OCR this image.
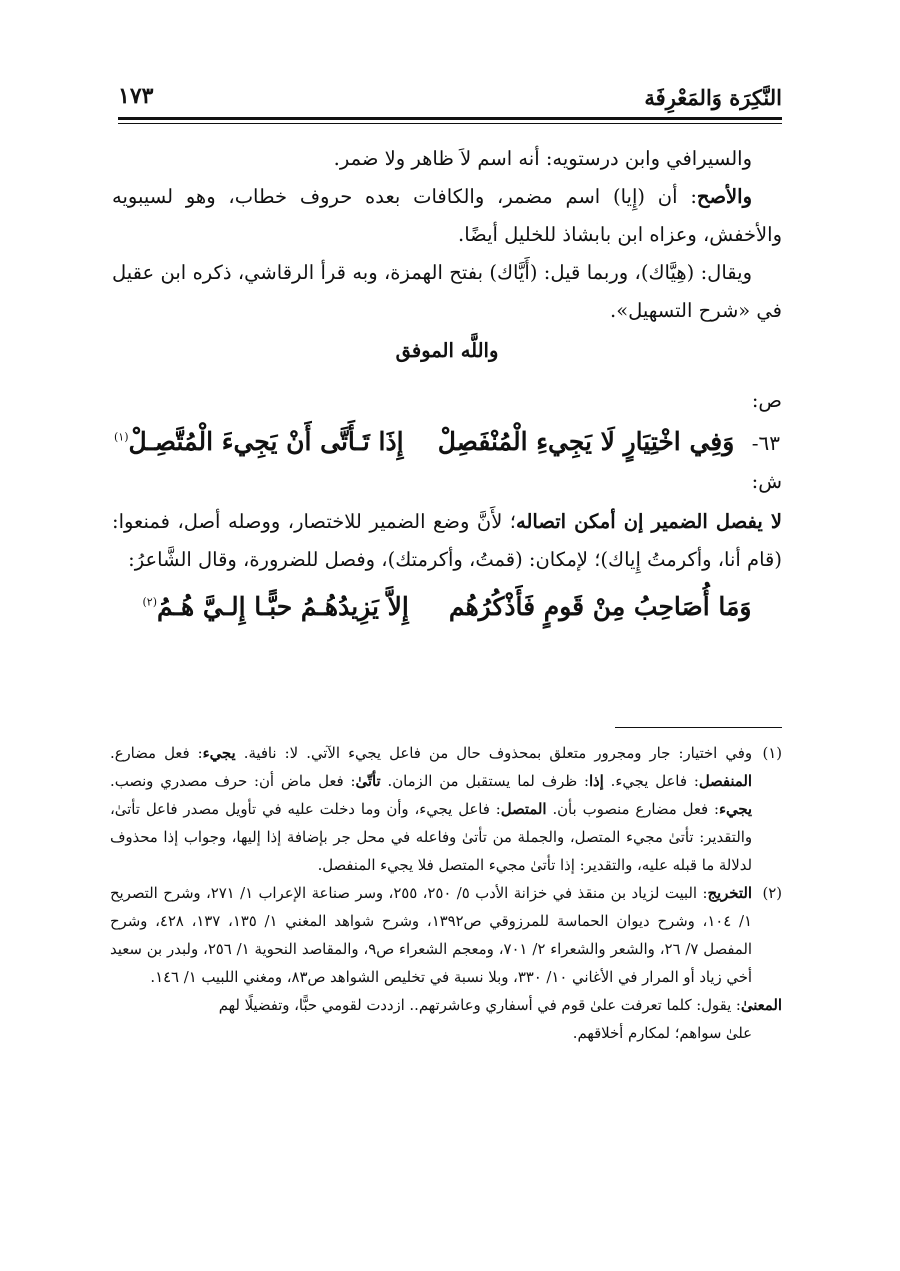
النَّكِرَة وَالمَعْرِفَة
١٧٣

والسيرافي وابن درستويه: أنه اسم لاَ ظاهر ولا ضمر.

والأصح: أن (إِيا) اسم مضمر، والكافات بعده حروف خطاب، وهو لسيبويه والأخفش، وعزاه ابن بابشاذ للخليل أيضًا.

ويقال: (هِيَّاك)، وربما قيل: (أَيَّاك) بفتح الهمزة، وبه قرأ الرقاشي، ذكره ابن عقيل في «شرح التسهيل».

واللَّه الموفق

ص:

٦٣-  وَفِي اخْتِيَارٍ لَا يَجِيءِ الْمُنْفَصِلْ
إِذَا تَـأَتَّى أَنْ يَجِيءَ الْمُتَّصِـلْ$^{(١)}$

ش:

لا يفصل الضمير إن أمكن اتصاله؛ لأَنَّ وضع الضمير للاختصار، ووصله أصل، فمنعوا: (قام أنا، وأكرمتُ إِياك)؛ لإمكان: (قمتُ، وأكرمتك)، وفصل للضرورة، وقال الشَّاعرُ:

وَمَا أُصَاحِبُ مِنْ قَومٍ فَأَذْكُرُهُم
إِلاَّ يَزِيدُهُـمُ حبًّـا إِلـيَّ هُـمُ$^{(٢)}$

(١)
وفي اختيار: جار ومجرور متعلق بمحذوف حال من فاعل يجيء الآتي. لا: نافية. يجيء: فعل مضارع. المنفصل: فاعل يجيء. إذا: ظرف لما يستقبل من الزمان. تأتّىٰ: فعل ماض أن: حرف مصدري ونصب. يجيء: فعل مضارع منصوب بأن. المتصل: فاعل يجيء، وأن وما دخلت عليه في تأويل مصدر فاعل تأتىٰ، والتقدير: تأتىٰ مجيء المتصل، والجملة من تأتىٰ وفاعله في محل جر بإضافة إذا إليها، وجواب إذا محذوف لدلالة ما قبله عليه، والتقدير: إذا تأتىٰ مجيء المتصل فلا يجيء المنفصل.

(٢)
التخريج: البيت لزياد بن منقذ في خزانة الأدب ٥/ ٢٥٠، ٢٥٥، وسر صناعة الإعراب ١/ ٢٧١، وشرح التصريح ١/ ١٠٤، وشرح ديوان الحماسة للمرزوقي ص١٣٩٢، وشرح شواهد المغني ١/ ١٣٥، ١٣٧، ٤٢٨، وشرح المفصل ٧/ ٢٦، والشعر والشعراء ٢/ ٧٠١، ومعجم الشعراء ص٩، والمقاصد النحوية ١/ ٢٥٦، ولبدر بن سعيد أخي زياد أو المرار في الأغاني ١٠/ ٣٣٠، وبلا نسبة في تخليص الشواهد ص٨٣، ومغني اللبيب ١/ ١٤٦.

المعنىٰ: يقول: كلما تعرفت علىٰ قوم في أسفاري وعاشرتهم.. ازددت لقومي حبًّا، وتفضيلًا لهم

علىٰ سواهم؛ لمكارم أخلاقهم.
